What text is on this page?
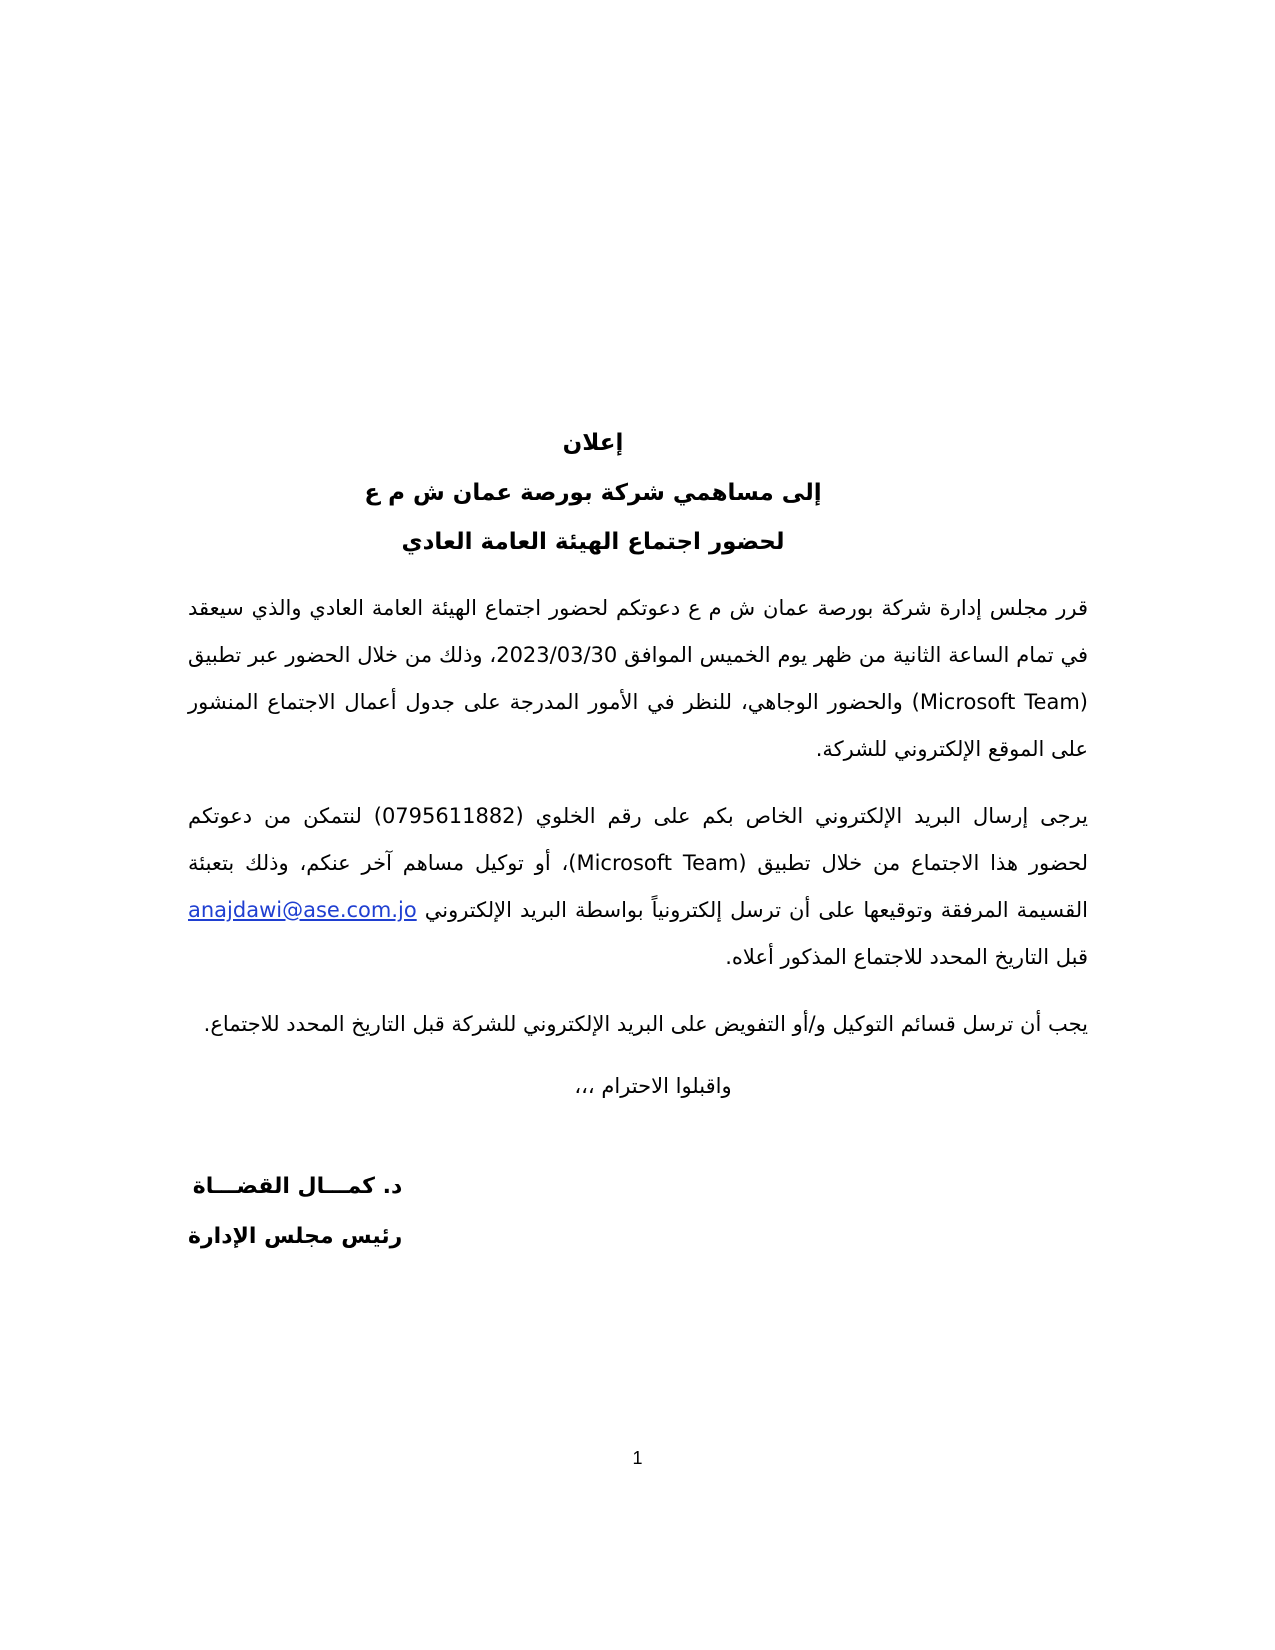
إعلان

إلى مساهمي شركة بورصة عمان ش م ع

لحضور اجتماع الهيئة العامة العادي

قرر مجلس إدارة شركة بورصة عمان ش م ع دعوتكم لحضور اجتماع الهيئة العامة العادي والذي سيعقد في تمام الساعة الثانية من ظهر يوم الخميس الموافق 2023/03/30، وذلك من خلال الحضور عبر تطبيق (Microsoft Team) والحضور الوجاهي، للنظر في الأمور المدرجة على جدول أعمال الاجتماع المنشور على الموقع الإلكتروني للشركة.

يرجى إرسال البريد الإلكتروني الخاص بكم على رقم الخلوي (0795611882) لنتمكن من دعوتكم لحضور هذا الاجتماع من خلال تطبيق (Microsoft Team)، أو توكيل مساهم آخر عنكم، وذلك بتعبئة القسيمة المرفقة وتوقيعها على أن ترسل إلكترونياً بواسطة البريد الإلكتروني anajdawi@ase.com.jo قبل التاريخ المحدد للاجتماع المذكور أعلاه.

يجب أن ترسل قسائم التوكيل و/أو التفويض على البريد الإلكتروني للشركة قبل التاريخ المحدد للاجتماع.

واقبلوا الاحترام ،،،

د. كمـــال القضـــاة
رئيس مجلس الإدارة
1
